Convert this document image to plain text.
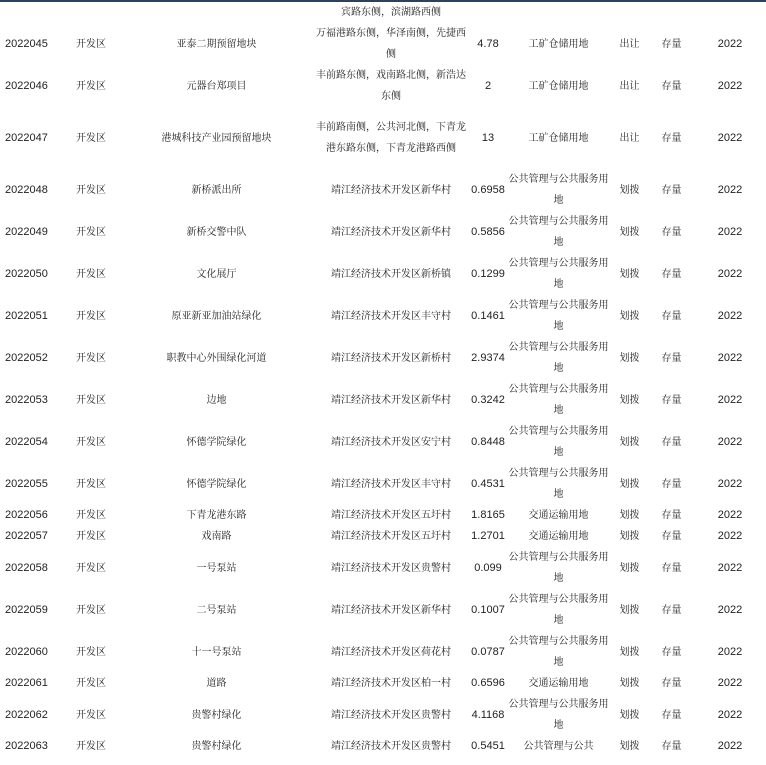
			宾路东侧，滨湖路西侧					
2022045	开发区	亚泰二期预留地块	万福港路东侧，华泽南侧，先捷西侧	4.78	工矿仓储用地	出让	存量	2022
2022046	开发区	元器台郑项目	丰前路东侧，戏南路北侧，新浩达东侧	2	工矿仓储用地	出让	存量	2022
2022047	开发区	港城科技产业园预留地块	丰前路南侧，公共河北侧，下青龙港东路东侧，下青龙港路西侧	13	工矿仓储用地	出让	存量	2022
2022048	开发区	新桥派出所	靖江经济技术开发区新华村	0.6958	公共管理与公共服务用地	划拨	存量	2022
2022049	开发区	新桥交警中队	靖江经济技术开发区新华村	0.5856	公共管理与公共服务用地	划拨	存量	2022
2022050	开发区	文化展厅	靖江经济技术开发区新桥镇	0.1299	公共管理与公共服务用地	划拨	存量	2022
2022051	开发区	原亚新亚加油站绿化	靖江经济技术开发区丰守村	0.1461	公共管理与公共服务用地	划拨	存量	2022
2022052	开发区	职教中心外围绿化河道	靖江经济技术开发区新桥村	2.9374	公共管理与公共服务用地	划拨	存量	2022
2022053	开发区	边地	靖江经济技术开发区新华村	0.3242	公共管理与公共服务用地	划拨	存量	2022
2022054	开发区	怀德学院绿化	靖江经济技术开发区安宁村	0.8448	公共管理与公共服务用地	划拨	存量	2022
2022055	开发区	怀德学院绿化	靖江经济技术开发区丰守村	0.4531	公共管理与公共服务用地	划拨	存量	2022
2022056	开发区	下青龙港东路	靖江经济技术开发区五圩村	1.8165	交通运输用地	划拨	存量	2022
2022057	开发区	戏南路	靖江经济技术开发区五圩村	1.2701	交通运输用地	划拨	存量	2022
2022058	开发区	一号泵站	靖江经济技术开发区贵警村	0.099	公共管理与公共服务用地	划拨	存量	2022
2022059	开发区	二号泵站	靖江经济技术开发区新华村	0.1007	公共管理与公共服务用地	划拨	存量	2022
2022060	开发区	十一号泵站	靖江经济技术开发区荷花村	0.0787	公共管理与公共服务用地	划拨	存量	2022
2022061	开发区	道路	靖江经济技术开发区柏一村	0.6596	交通运输用地	划拨	存量	2022
2022062	开发区	贵警村绿化	靖江经济技术开发区贵警村	4.1168	公共管理与公共服务用地	划拨	存量	2022
2022063	开发区	贵警村绿化	靖江经济技术开发区贵警村	0.5451	公共管理与公共	划拨	存量	2022
